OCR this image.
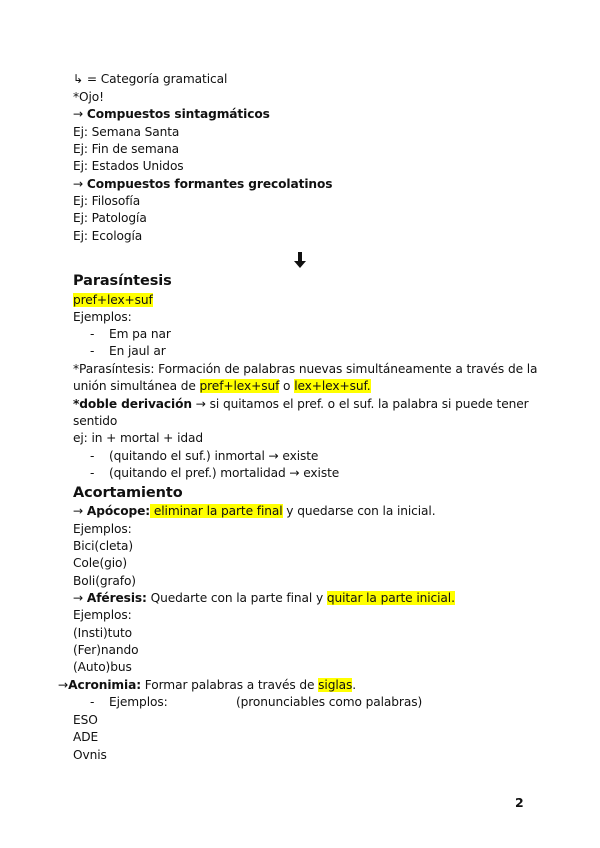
↳ = Categoría gramatical
*Ojo!
→ Compuestos sintagmáticos
Ej: Semana Santa
Ej: Fin de semana
Ej: Estados Unidos
→ Compuestos formantes grecolatinos
Ej: Filosofía
Ej: Patología
Ej: Ecología
Parasíntesis
pref+lex+suf
Ejemplos:
- Em pa nar
- En jaul ar
*Parasíntesis: Formación de palabras nuevas simultáneamente a través de la
unión simultánea de pref+lex+suf o lex+lex+suf.
*doble derivación → si quitamos el pref. o el suf. la palabra si puede tener
sentido
ej: in + mortal + idad
- (quitando el suf.) inmortal → existe
- (quitando el pref.) mortalidad → existe
Acortamiento
→ Apócope: eliminar la parte final y quedarse con la inicial.
Ejemplos:
Bici(cleta)
Cole(gio)
Boli(grafo)
→ Aféresis: Quedarte con la parte final y quitar la parte inicial.
Ejemplos:
(Insti)tuto
(Fer)nando
(Auto)bus
→Acronimia: Formar palabras a través de siglas.
- Ejemplos:	(pronunciables como palabras)
ESO
ADE
Ovnis
2
